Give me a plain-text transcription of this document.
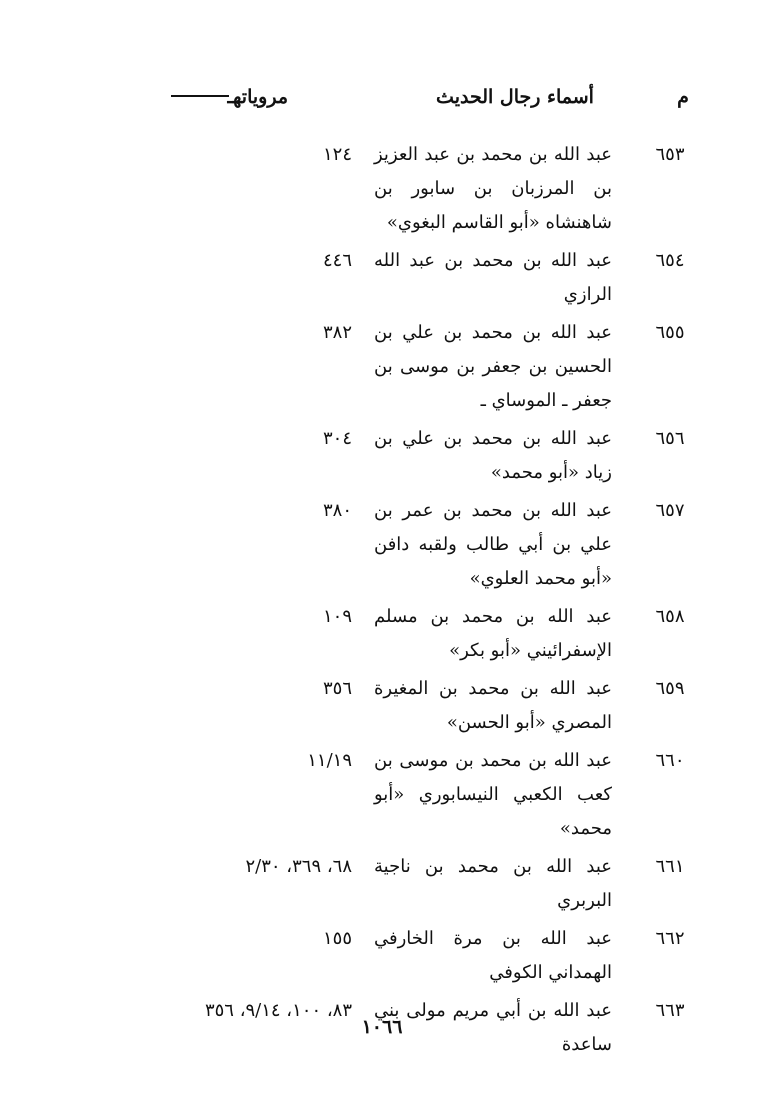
م
أسماء رجال الحديث
مروياتهـ
٦٥٣
عبد الله بن محمد بن عبد العزيز بن المرزبان بن سابور بن شاهنشاه «أبو القاسم البغوي»
١٢٤
٦٥٤
عبد الله بن محمد بن عبد الله الرازي
٤٤٦
٦٥٥
عبد الله بن محمد بن علي بن الحسين بن جعفر بن موسى بن جعفر ـ الموساي ـ
٣٨٢
٦٥٦
عبد الله بن محمد بن علي بن زياد «أبو محمد»
٣٠٤
٦٥٧
عبد الله بن محمد بن عمر بن علي بن أبي طالب ولقبه دافن «أبو محمد العلوي»
٣٨٠
٦٥٨
عبد الله بن محمد بن مسلم الإسفرائيني «أبو بكر»
١٠٩
٦٥٩
عبد الله بن محمد بن المغيرة المصري «أبو الحسن»
٣٥٦
٦٦٠
عبد الله بن محمد بن موسى بن كعب الكعبي النيسابوري «أبو محمد»
١١/١٩
٦٦١
عبد الله بن محمد بن ناجية البربري
٦٨، ٣٦٩، ٢/٣٠
٦٦٢
عبد الله بن مرة الخارفي الهمداني الكوفي
١٥٥
٦٦٣
عبد الله بن أبي مريم مولى بني ساعدة
٨٣، ١٠٠، ٩/١٤، ٣٥٦
١٠٦٦
